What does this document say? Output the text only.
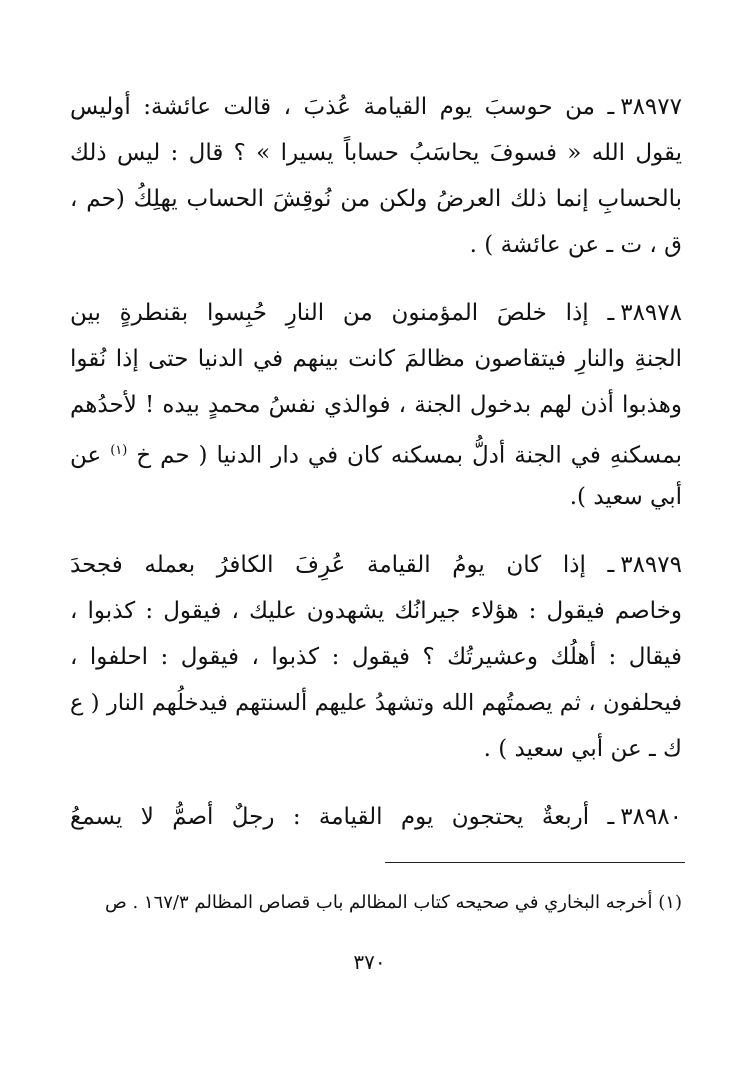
٣٨٩٧٧ـ من حوسبَ يوم القيامة عُذبَ ، قالت عائشة: أوليس
يقول الله « فسوفَ يحاسَبُ حساباً يسيرا » ؟ قال : ليس ذلك
بالحسابِ إنما ذلك العرضُ ولكن من نُوقِشَ الحساب يهلِكُ (حم ،
ق ، ت ـ عن عائشة ) .
٣٨٩٧٨ـ إذا خلصَ المؤمنون من النارِ حُبِسوا بقنطرةٍ بين
الجنةِ والنارِ فيتقاصون مظالمَ كانت بينهم في الدنيا حتى إذا نُقوا
وهذبوا أذن لهم بدخول الجنة ، فوالذي نفسُ محمدٍ بيده ! لأحدُهم
بمسكنهِ في الجنة أدلُّ بمسكنه كان في دار الدنيا ( حم خ $^{(١)}$ عن
أبي سعيد ).
٣٨٩٧٩ـ إذا كان يومُ القيامة عُرِفَ الكافرُ بعمله فجحدَ
وخاصم فيقول : هؤلاء جيرانُك يشهدون عليك ، فيقول : كذبوا ،
فيقال : أهلُك وعشيرتُك ؟ فيقول : كذبوا ، فيقول : احلفوا ،
فيحلفون ، ثم يصمتُهم الله وتشهدُ عليهم ألسنتهم فيدخلُهم النار ( ع
ك ـ عن أبي سعيد ) .
٣٨٩٨٠ـ أربعةٌ يحتجون يوم القيامة : رجلٌ أصمُّ لا يسمعُ
(١) أخرجه البخاري في صحيحه كتاب المظالم باب قصاص المظالم ١٦٧/٣ . ص
٣٧٠
